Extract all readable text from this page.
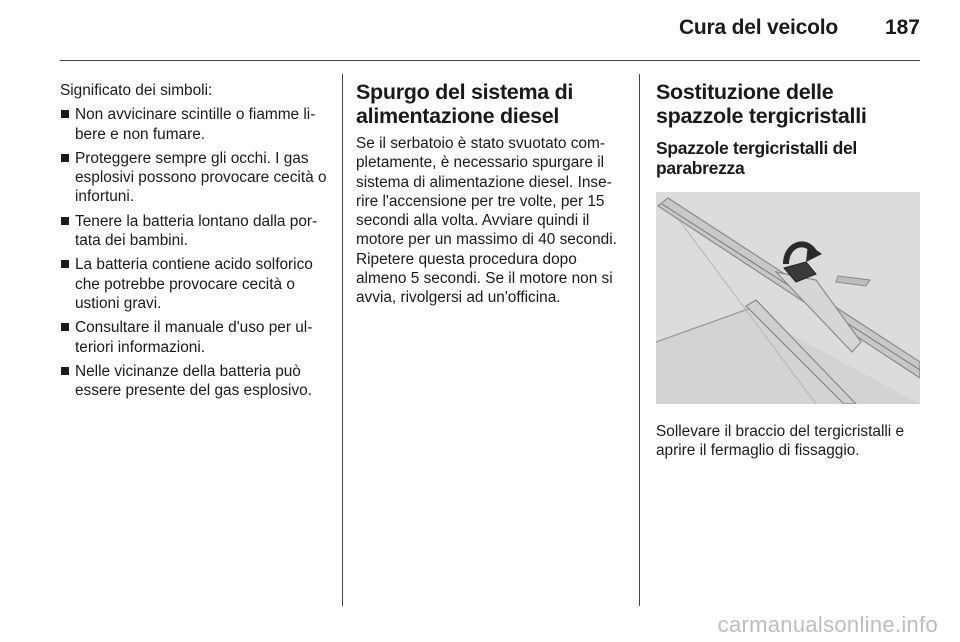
Cura del veicolo 187

Significato dei simboli:

Non avvicinare scintille o fiamme libere e non fumare.
Proteggere sempre gli occhi. I gas esplosivi possono provocare cecità o infortuni.
Tenere la batteria lontano dalla portata dei bambini.
La batteria contiene acido solforico che potrebbe provocare cecità o ustioni gravi.
Consultare il manuale d'uso per ulteriori informazioni.
Nelle vicinanze della batteria può essere presente del gas esplosivo.
Spurgo del sistema di alimentazione diesel

Se il serbatoio è stato svuotato completamente, è necessario spurgare il sistema di alimentazione diesel. Inserire l'accensione per tre volte, per 15 secondi alla volta. Avviare quindi il motore per un massimo di 40 secondi. Ripetere questa procedura dopo almeno 5 secondi. Se il motore non si avvia, rivolgersi ad un'officina.

Sostituzione delle spazzole tergicristalli
Spazzole tergicristalli del parabrezza

Sollevare il braccio del tergicristalli e aprire il fermaglio di fissaggio.

carmanualsonline.info
